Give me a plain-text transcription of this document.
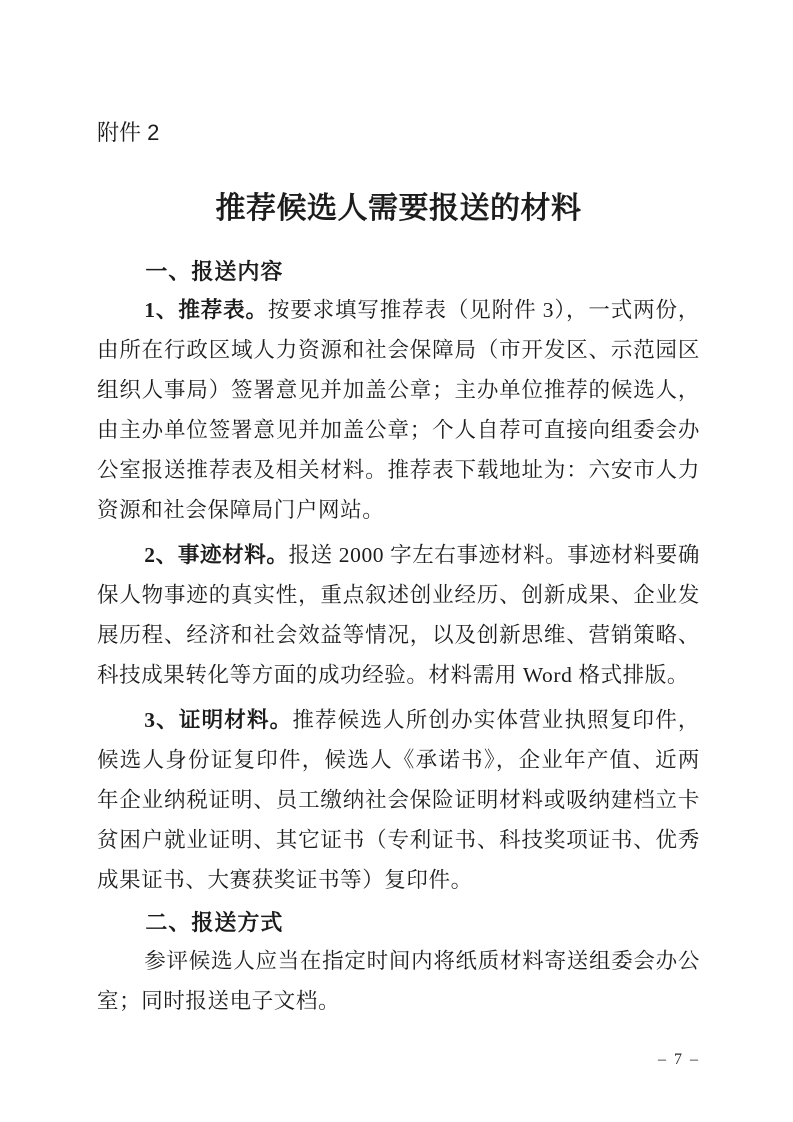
附件 2
推荐候选人需要报送的材料
一、报送内容

1、推荐表。按要求填写推荐表（见附件 3），一式两份，由所在行政区域人力资源和社会保障局（市开发区、示范园区组织人事局）签署意见并加盖公章；主办单位推荐的候选人，由主办单位签署意见并加盖公章；个人自荐可直接向组委会办公室报送推荐表及相关材料。推荐表下载地址为：六安市人力资源和社会保障局门户网站。

2、事迹材料。报送 2000 字左右事迹材料。事迹材料要确保人物事迹的真实性，重点叙述创业经历、创新成果、企业发展历程、经济和社会效益等情况，以及创新思维、营销策略、科技成果转化等方面的成功经验。材料需用 Word 格式排版。

3、证明材料。推荐候选人所创办实体营业执照复印件，候选人身份证复印件，候选人《承诺书》，企业年产值、近两年企业纳税证明、员工缴纳社会保险证明材料或吸纳建档立卡贫困户就业证明、其它证书（专利证书、科技奖项证书、优秀成果证书、大赛获奖证书等）复印件。

二、报送方式

参评候选人应当在指定时间内将纸质材料寄送组委会办公室；同时报送电子文档。

– 7 –
